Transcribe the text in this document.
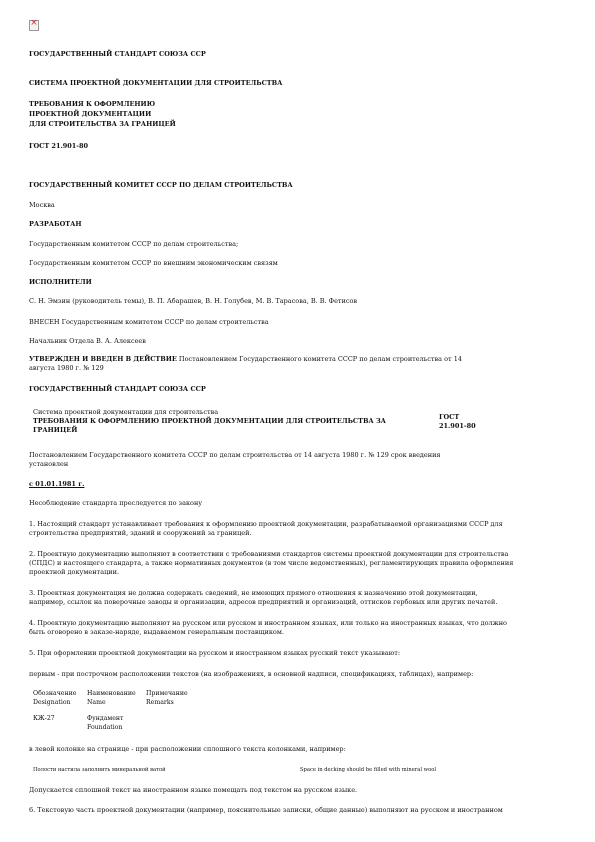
×
ГОСУДАРСТВЕННЫЙ СТАНДАРТ СОЮЗА ССР
СИСТЕМА ПРОЕКТНОЙ ДОКУМЕНТАЦИИ ДЛЯ СТРОИТЕЛЬСТВА
ТРЕБОВАНИЯ К ОФОРМЛЕНИЮ
ПРОЕКТНОЙ ДОКУМЕНТАЦИИ
ДЛЯ СТРОИТЕЛЬСТВА ЗА ГРАНИЦЕЙ
ГОСТ 21.901-80
ГОСУДАРСТВЕННЫЙ КОМИТЕТ СССР ПО ДЕЛАМ СТРОИТЕЛЬСТВА
Москва
РАЗРАБОТАН
Государственным комитетом СССР по делам строительства;
Государственным комитетом СССР по внешним экономическим связям
ИСПОЛНИТЕЛИ
С. Н. Эмзин (руководитель темы), В. П. Абарашев, В. Н. Голубев, М. В. Тарасова, В. В. Фетисов
ВНЕСЕН Государственным комитетом СССР по делам строительства
Начальник Отдела В. А. Алексеев
УТВЕРЖДЕН И ВВЕДЕН В ДЕЙСТВИЕ Постановлением Государственного комитета СССР по делам строительства от 14
августа 1980 г. № 129
ГОСУДАРСТВЕННЫЙ СТАНДАРТ СОЮЗА ССР
Система проектной документации для строительства
ТРЕБОВАНИЯ К ОФОРМЛЕНИЮ ПРОЕКТНОЙ ДОКУМЕНТАЦИИ ДЛЯ СТРОИТЕЛЬСТВА ЗА
ГРАНИЦЕЙ
ГОСТ
21.901-80
Постановлением Государственного комитета СССР по делам строительства от 14 августа 1980 г. № 129 срок введения
установлен
с 01.01.1981 г.
Несоблюдение стандарта преследуется по закону
1. Настоящий стандарт устанавливает требования к оформлению проектной документации, разрабатываемой организациями СССР для
строительства предприятий, зданий и сооружений за границей.
2. Проектную документацию выполняют в соответствии с требованиями стандартов системы проектной документации для строительства
(СПДС) и настоящего стандарта, а также нормативных документов (в том числе ведомственных), регламентирующих правила оформления
проектной документации.
3. Проектная документация не должна содержать сведений, не имеющих прямого отношения к назначению этой документации,
например, ссылок на поверочные заводы и организации, адресов предприятий и организаций, оттисков гербовых или других печатей.
4. Проектную документацию выполняют на русском или русском и иностранном языках, или только на иностранных языках, что должно
быть оговорено в заказе-наряде, выдаваемом генеральным поставщиком.
5. При оформлении проектной документации на русском и иностранном языках русский текст указывают:
первым - при построчном расположении текстов (на изображениях, в основной надписи, спецификациях, таблицах), например:
Обозначение
Designation
Наименование
Name
Примечание
Remarks
КЖ-27	Фундамент
Foundation
в левой колонке на странице - при расположении сплошного текста колонками, например:
Полости настила заполнить минеральной ватой	Space in decking should be filled with mineral wool
Допускается сплошной текст на иностранном языке помещать под текстом на русском языке.
6. Текстовую часть проектной документации (например, пояснительные записки, общие данные) выполняют на русском и иностранном
